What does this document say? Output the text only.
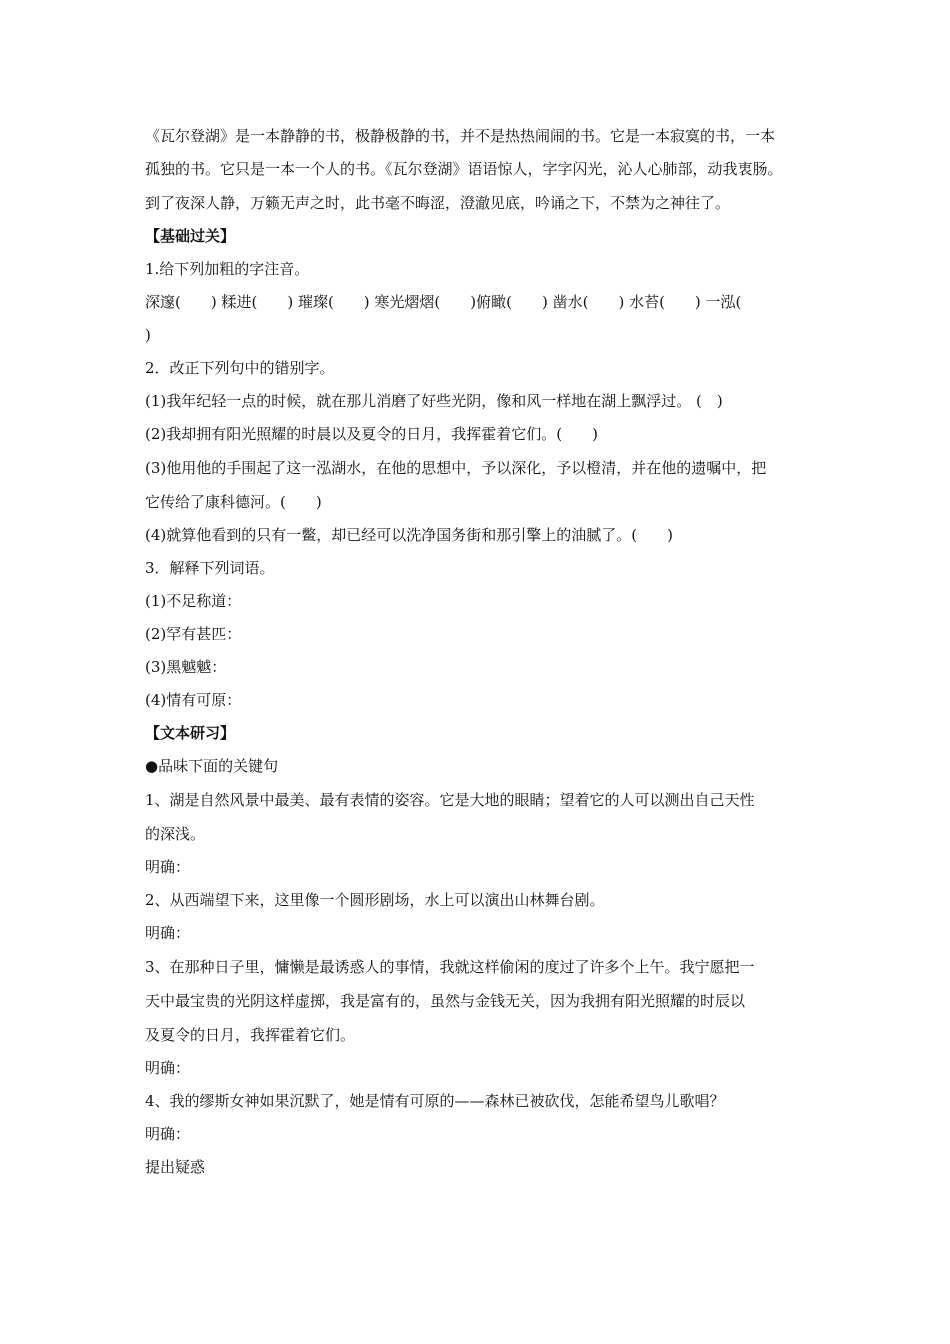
《瓦尔登湖》是一本静静的书，极静极静的书，并不是热热闹闹的书。它是一本寂寞的书，一本
孤独的书。它只是一本一个人的书。《瓦尔登湖》语语惊人，字字闪光，沁人心肺部，动我衷肠。
到了夜深人静，万籁无声之时，此书毫不晦涩，澄澈见底，吟诵之下，不禁为之神往了。
【基础过关】
1.给下列加粗的字注音。
深邃(　　) 糅进(　　) 璀璨(　　) 寒光熠熠(　　)俯瞰(　　) 凿水(　　) 水苔(　　) 一泓(
)
2．改正下列句中的错别字。
(1)我年纪轻一点的时候，就在那儿消磨了好些光阴，像和风一样地在湖上飘浮过。 (　)
(2)我却拥有阳光照耀的时晨以及夏令的日月，我挥霍着它们。(　　)
(3)他用他的手围起了这一泓湖水，在他的思想中，予以深化，予以橙清，并在他的遗嘱中，把
它传给了康科德河。(　　)
(4)就算他看到的只有一鳖，却已经可以洗净国务街和那引擎上的油腻了。(　　)
3．解释下列词语。
(1)不足称道：
(2)罕有甚匹：
(3)黑魆魆：
(4)情有可原：
【文本研习】
●品味下面的关键句
1、湖是自然风景中最美、最有表情的姿容。它是大地的眼睛；望着它的人可以测出自己天性
的深浅。
明确：
2、从西端望下来，这里像一个圆形剧场，水上可以演出山林舞台剧。
明确：
3、在那种日子里，慵懒是最诱惑人的事情，我就这样偷闲的度过了许多个上午。我宁愿把一
天中最宝贵的光阴这样虚掷，我是富有的，虽然与金钱无关，因为我拥有阳光照耀的时辰以
及夏令的日月，我挥霍着它们。
明确：
4、我的缪斯女神如果沉默了，她是情有可原的——森林已被砍伐，怎能希望鸟儿歌唱？
明确：
提出疑惑
